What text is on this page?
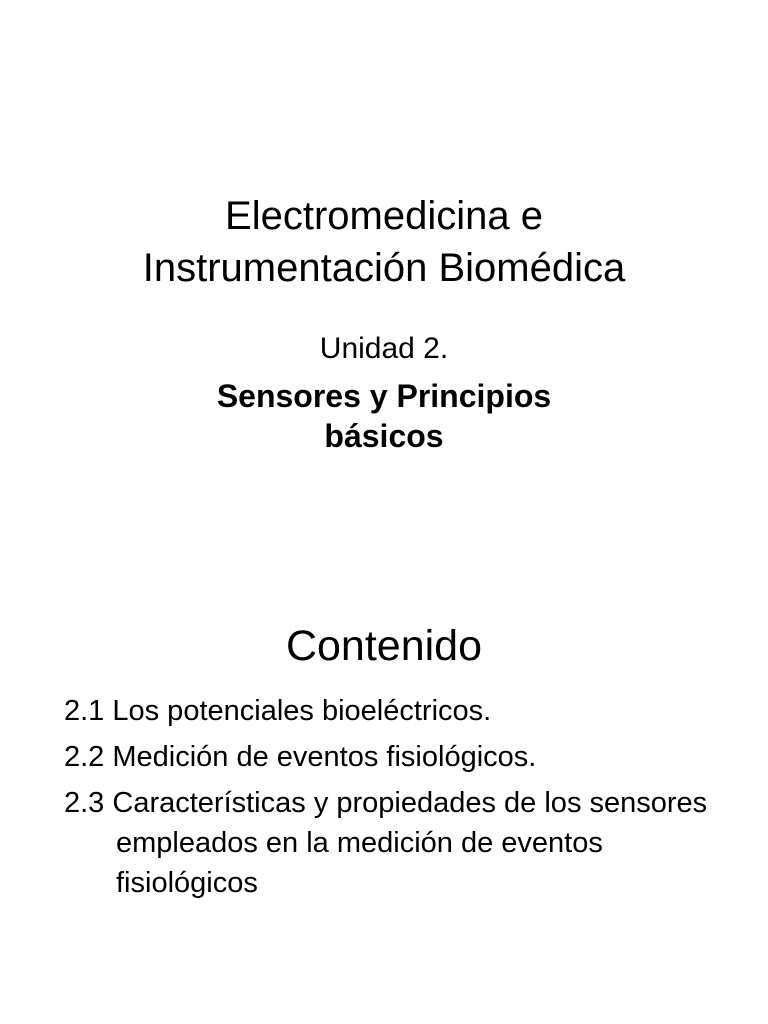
Electromedicina e
Instrumentación Biomédica

Unidad 2.

Sensores y Principios
básicos
Contenido
2.1 Los potenciales bioeléctricos.
2.2 Medición de eventos fisiológicos.
2.3 Características y propiedades de los sensores empleados en la medición de eventos fisiológicos
